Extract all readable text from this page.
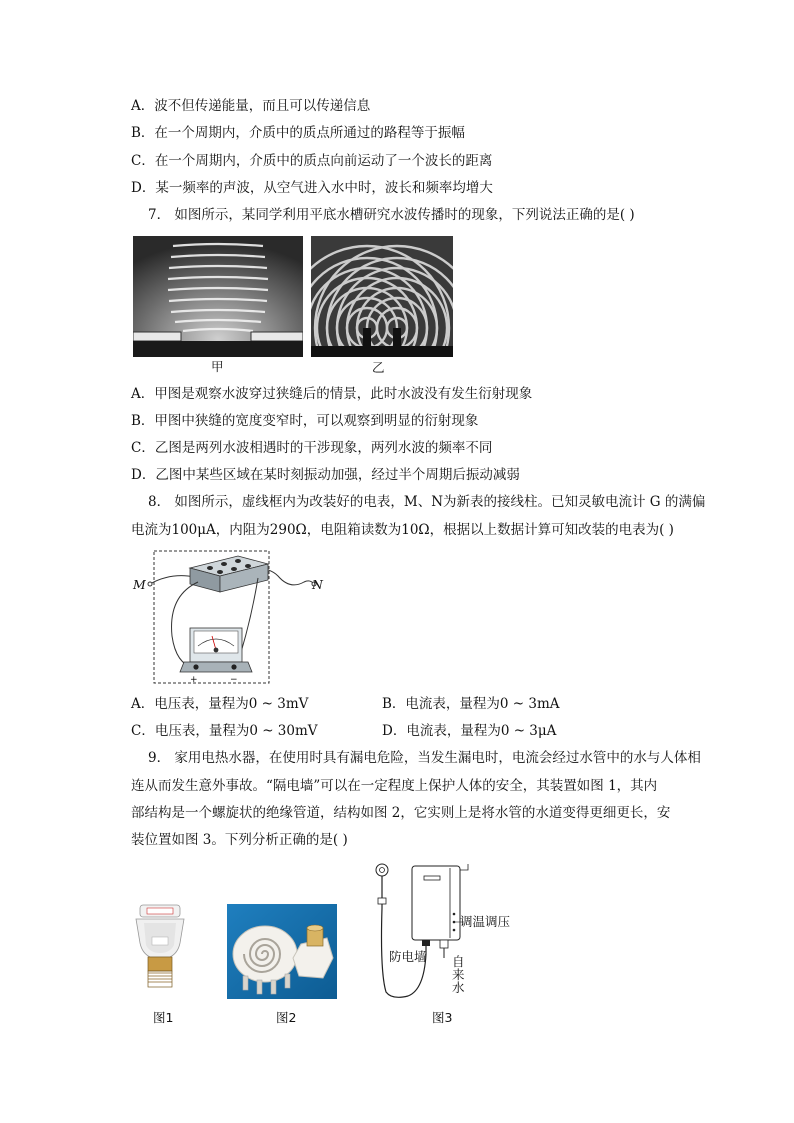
A．波不但传递能量，而且可以传递信息
B．在一个周期内，介质中的质点所通过的路程等于振幅
C．在一个周期内，介质中的质点向前运动了一个波长的距离
D．某一频率的声波，从空气进入水中时，波长和频率均增大
7． 如图所示，某同学利用平底水槽研究水波传播时的现象，下列说法正确的是( )
甲	乙
A．甲图是观察水波穿过狭缝后的情景，此时水波没有发生衍射现象
B．甲图中狭缝的宽度变窄时，可以观察到明显的衍射现象
C．乙图是两列水波相遇时的干涉现象，两列水波的频率不同
D．乙图中某些区域在某时刻振动加强，经过半个周期后振动减弱
8． 如图所示，虚线框内为改装好的电表，M、N为新表的接线柱。已知灵敏电流计 G 的满偏
电流为100μA，内阻为290Ω，电阻箱读数为10Ω，根据以上数据计算可知改装的电表为( )
+	−
M	N
A．电压表，量程为0 ~ 3mV	B．电流表，量程为0 ~ 3mA
C．电压表，量程为0 ~ 30mV	D．电流表，量程为0 ~ 3μA
9． 家用电热水器，在使用时具有漏电危险，当发生漏电时，电流会经过水管中的水与人体相
连从而发生意外事故。“隔电墙”可以在一定程度上保护人体的安全，其装置如图 1，其内
部结构是一个螺旋状的绝缘管道，结构如图 2，它实则上是将水管的水道变得更细更长，安
装位置如图 3。下列分析正确的是( )
图1	图2
调温调压
防电墙 自来水
图3
